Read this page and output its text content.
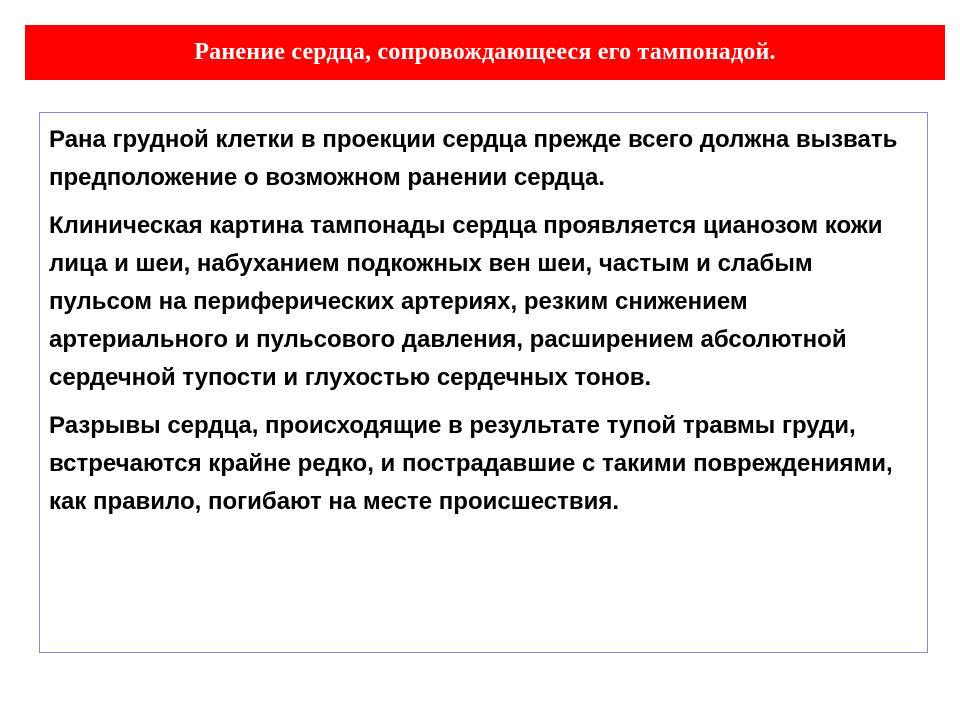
Ранение сердца, сопровождающееся его тампонадой.

Рана грудной клетки в проекции сердца прежде всего должна вызвать предположение о возможном ранении сердца.

Клиническая картина тампонады сердца проявляется цианозом кожи лица и шеи, набуханием подкожных вен шеи, частым и слабым пульсом на периферических артериях, резким снижением артериального и пульсового давления, расширением абсолютной сердечной тупости и глухостью сердечных тонов.

Разрывы сердца, происходящие в результате тупой травмы груди, встречаются крайне редко, и пострадавшие с такими повреждениями, как правило, погибают на месте происшествия.
